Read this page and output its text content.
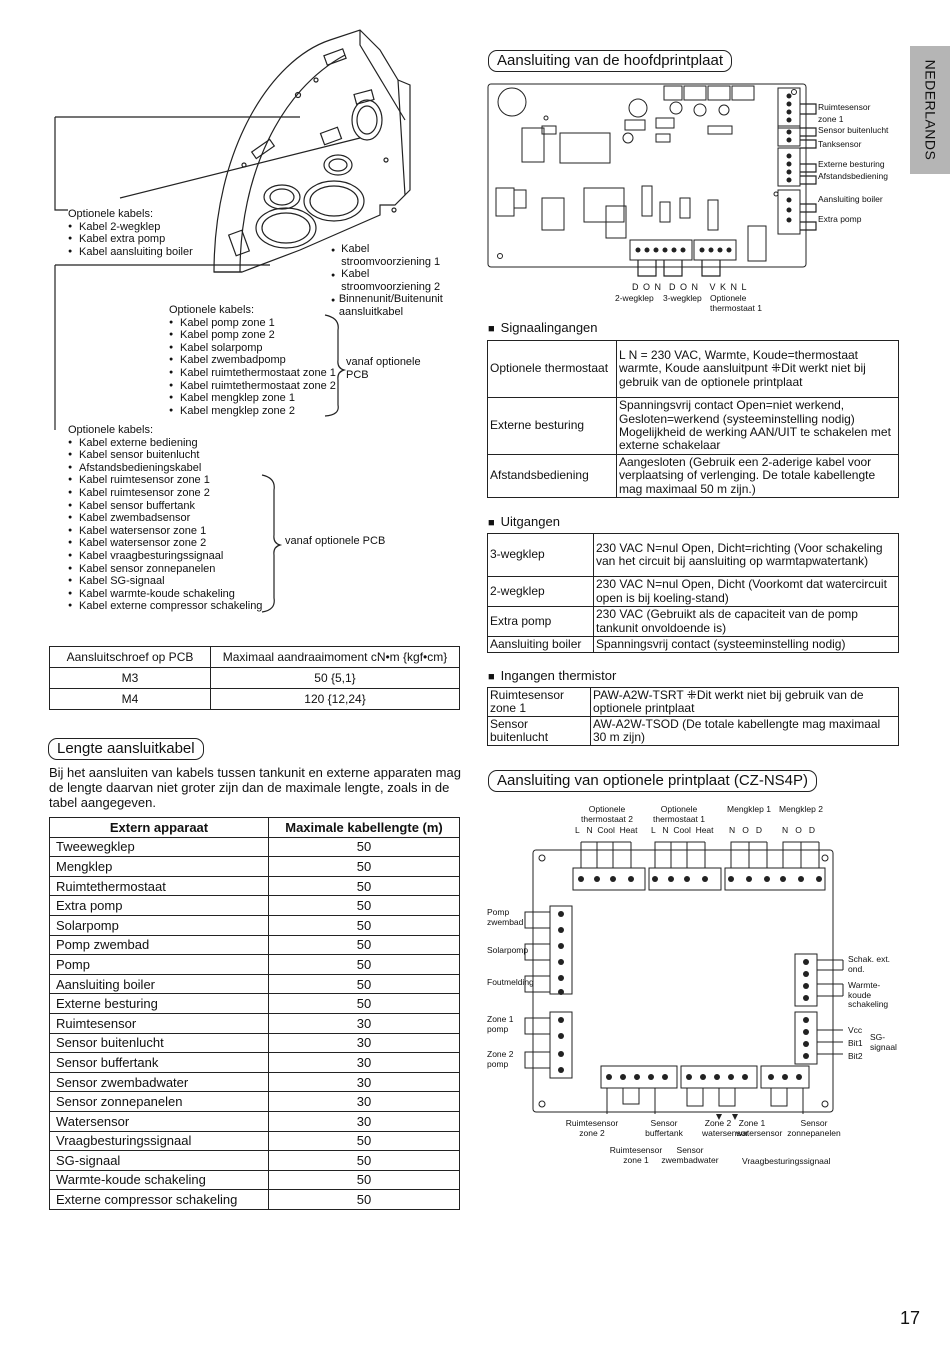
NEDERLANDS
Optionele kabels:
● Kabel 2-wegklep
● Kabel extra pomp
● Kabel aansluiting boiler	● Kabel stroomvoorziening 1
● Kabel stroomvoorziening 2
● Binnenunit/Buitenunit aansluitkabel
Optionele kabels:
● Kabel pomp zone 1
● Kabel pomp zone 2
● Kabel solarpomp
● Kabel zwembadpomp
● Kabel ruimtethermostaat zone 1
● Kabel ruimtethermostaat zone 2
● Kabel mengklep zone 1
● Kabel mengklep zone 2
vanaf optionele PCB
Optionele kabels:
● Kabel externe bediening
● Kabel sensor buitenlucht
● Afstandsbedieningskabel
● Kabel ruimtesensor zone 1
● Kabel ruimtesensor zone 2
● Kabel sensor buffertank
● Kabel zwembadsensor
● Kabel watersensor zone 1
● Kabel watersensor zone 2
● Kabel vraagbesturingssignaal
● Kabel sensor zonnepanelen
● Kabel SG-signaal
● Kabel warmte-koude schakeling
● Kabel externe compressor schakeling
vanaf optionele PCB
Aansluitschroef op PCB	Maximaal aandraaimoment cN•m {kgf•cm}
M3	50 {5,1}
M4	120 {12,24}
Lengte aansluitkabel
Bij het aansluiten van kabels tussen tankunit en externe apparaten mag de lengte daarvan niet groter zijn dan de maximale lengte, zoals in de tabel aangegeven.
Extern apparaat	Maximale kabellengte (m)
Tweewegklep	50
Mengklep	50
Ruimtethermostaat	50
Extra pomp	50
Solarpomp	50
Pomp zwembad	50
Pomp	50
Aansluiting boiler	50
Externe besturing	50
Ruimtesensor	30
Sensor buitenlucht	30
Sensor buffertank	30
Sensor zwembadwater	30
Sensor zonnepanelen	30
Watersensor	30
Vraagbesturingssignaal	50
SG-signaal	50
Warmte-koude schakeling	50
Externe compressor schakeling	50
Aansluiting van de hoofdprintplaat
Ruimtesensor zone 1
Sensor buitenlucht
Tanksensor
Externe besturing
Afstandsbediening
Aansluiting boiler
Extra pomp
D O N  D O N   V K N L
2-wegklep 3-wegklep Optionele thermostaat 1
■ Signaalingangen
Optionele thermostaat	L N = 230 VAC, Warmte, Koude=thermostaat warmte, Koude aansluitpunt ⁜Dit werkt niet bij gebruik van de optionele printplaat
Externe besturing	Spanningsvrij contact Open=niet werkend, Gesloten=werkend (systeeminstelling nodig) Mogelijkheid de werking AAN/UIT te schakelen met externe schakelaar
Afstandsbediening	Aangesloten (Gebruik een 2-aderige kabel voor verplaatsing of verlenging. De totale kabellengte mag maximaal 50 m zijn.)
■ Uitgangen
3-wegklep	230 VAC N=nul Open, Dicht=richting (Voor schakeling van het circuit bij aansluiting op warmtapwatertank)
2-wegklep	230 VAC N=nul Open, Dicht (Voorkomt dat watercircuit open is bij koeling-stand)
Extra pomp	230 VAC (Gebruikt als de capaciteit van de pomp tankunit onvoldoende is)
Aansluiting boiler	Spanningsvrij contact (systeeminstelling nodig)
■ Ingangen thermistor
Ruimtesensor zone 1	PAW-A2W-TSRT ⁜Dit werkt niet bij gebruik van de optionele printplaat
Sensor buitenlucht	AW-A2W-TSOD (De totale kabellengte mag maximaal 30 m zijn)
Aansluiting van optionele printplaat (CZ-NS4P)
Optionele thermostaat 2
Optionele thermostaat 1
Mengklep 1 Mengklep 2
L   N  Cool  Heat L   N  Cool  Heat N   O   D N   O   D
Pomp zwembad
Solarpomp
Foutmelding
Zone 1 pomp
Zone 2 pomp
Schak. ext. ond.
Warmte-koude schakeling
Vcc
Bit1
Bit2
SG-signaal
Ruimtesensor zone 2
Sensor buffertank
Zone 2 watersensor
Zone 1 watersensor
Sensor zonnepanelen
Ruimtesensor zone 1
Sensor zwembadwater	Vraagbesturingssignaal
17
